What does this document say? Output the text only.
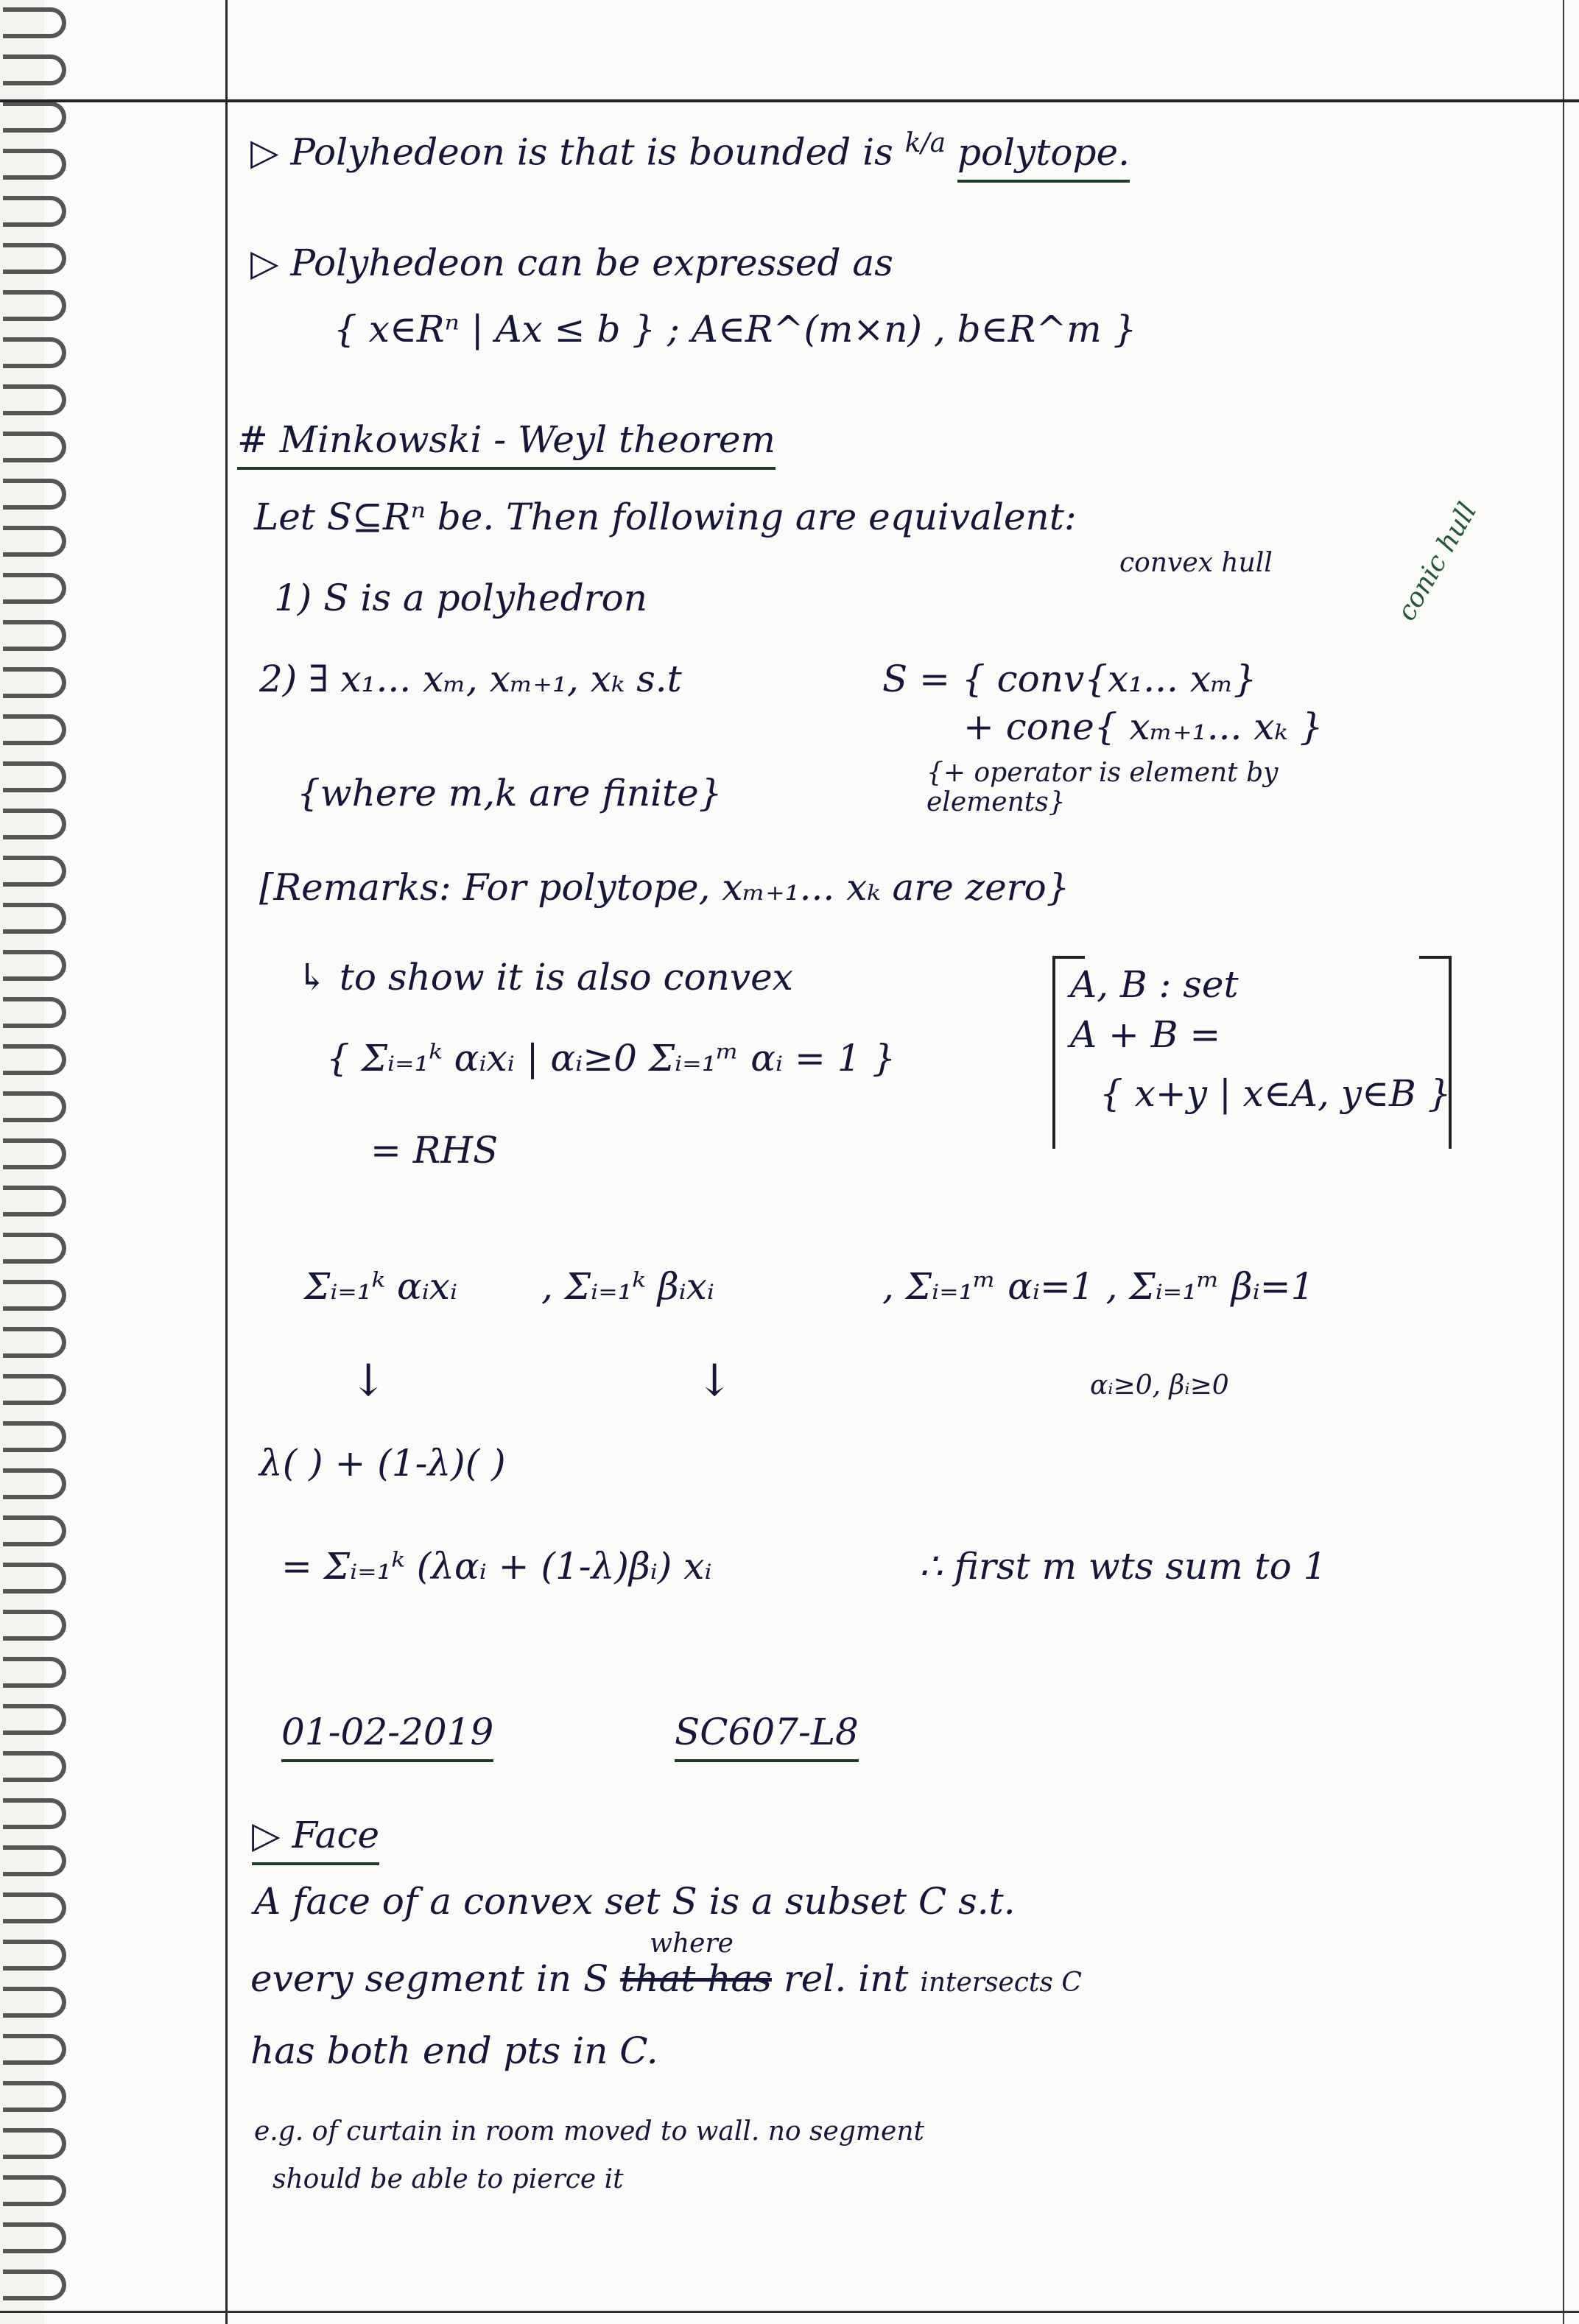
▷ Polyhedeon is that is bounded is $^{k/a}$ polytope.
▷ Polyhedeon can be expressed as
{ x∈Rⁿ | Ax ≤ b } ; A∈R^(m×n) , b∈R^m }
# Minkowski - Weyl theorem
Let S⊆Rⁿ be. Then following are equivalent:
1) S is a polyhedron
convex hull	conic hull
2) ∃ x₁... xₘ, xₘ₊₁, xₖ s.t	S = { conv{x₁... xₘ}
+ cone{ xₘ₊₁... xₖ }
{where m,k are finite}	{+ operator is element by elements}
[Remarks: For polytope, xₘ₊₁... xₖ are zero}
↳ to show it is also convex
{ Σᵢ₌₁ᵏ αᵢxᵢ | αᵢ≥0 Σᵢ₌₁ᵐ αᵢ = 1 }
= RHS
A, B : set
A + B =
{ x+y | x∈A, y∈B }
Σᵢ₌₁ᵏ αᵢxᵢ , Σᵢ₌₁ᵏ βᵢxᵢ	, Σᵢ₌₁ᵐ αᵢ=1 , Σᵢ₌₁ᵐ βᵢ=1
αᵢ≥0, βᵢ≥0
↓	↓
λ( ) + (1-λ)( )
= Σᵢ₌₁ᵏ (λαᵢ + (1-λ)βᵢ) xᵢ	∴ first m wts sum to 1
01-02-2019	SC607-L8
▷ Face
A face of a convex set S is a subset C s.t.
every segment in S
where
that has rel. int intersects C
has both end pts in C.
e.g. of curtain in room moved to wall. no segment
should be able to pierce it
